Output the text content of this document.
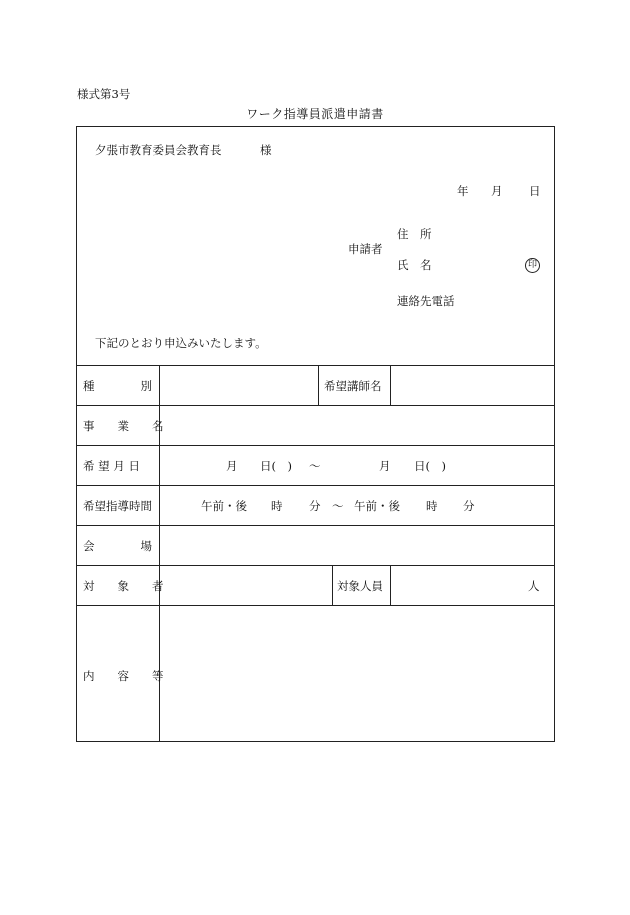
様式第3号
ワーク指導員派遣申請書
夕張市教育委員会教育長	様
年 月 日
申請者
住　所
氏　名	印
連絡先電話
下記のとおり申込みいたします。
種　　　　別	希望講師名
事　　業　　名
希 望 月 日	月 日(　) 〜	月 日(　)
希望指導時間	午前・後 時 分 〜 午前・後 時 分
会　　　　場
対　　象　　者	対象人員	人
内　　容　　等
